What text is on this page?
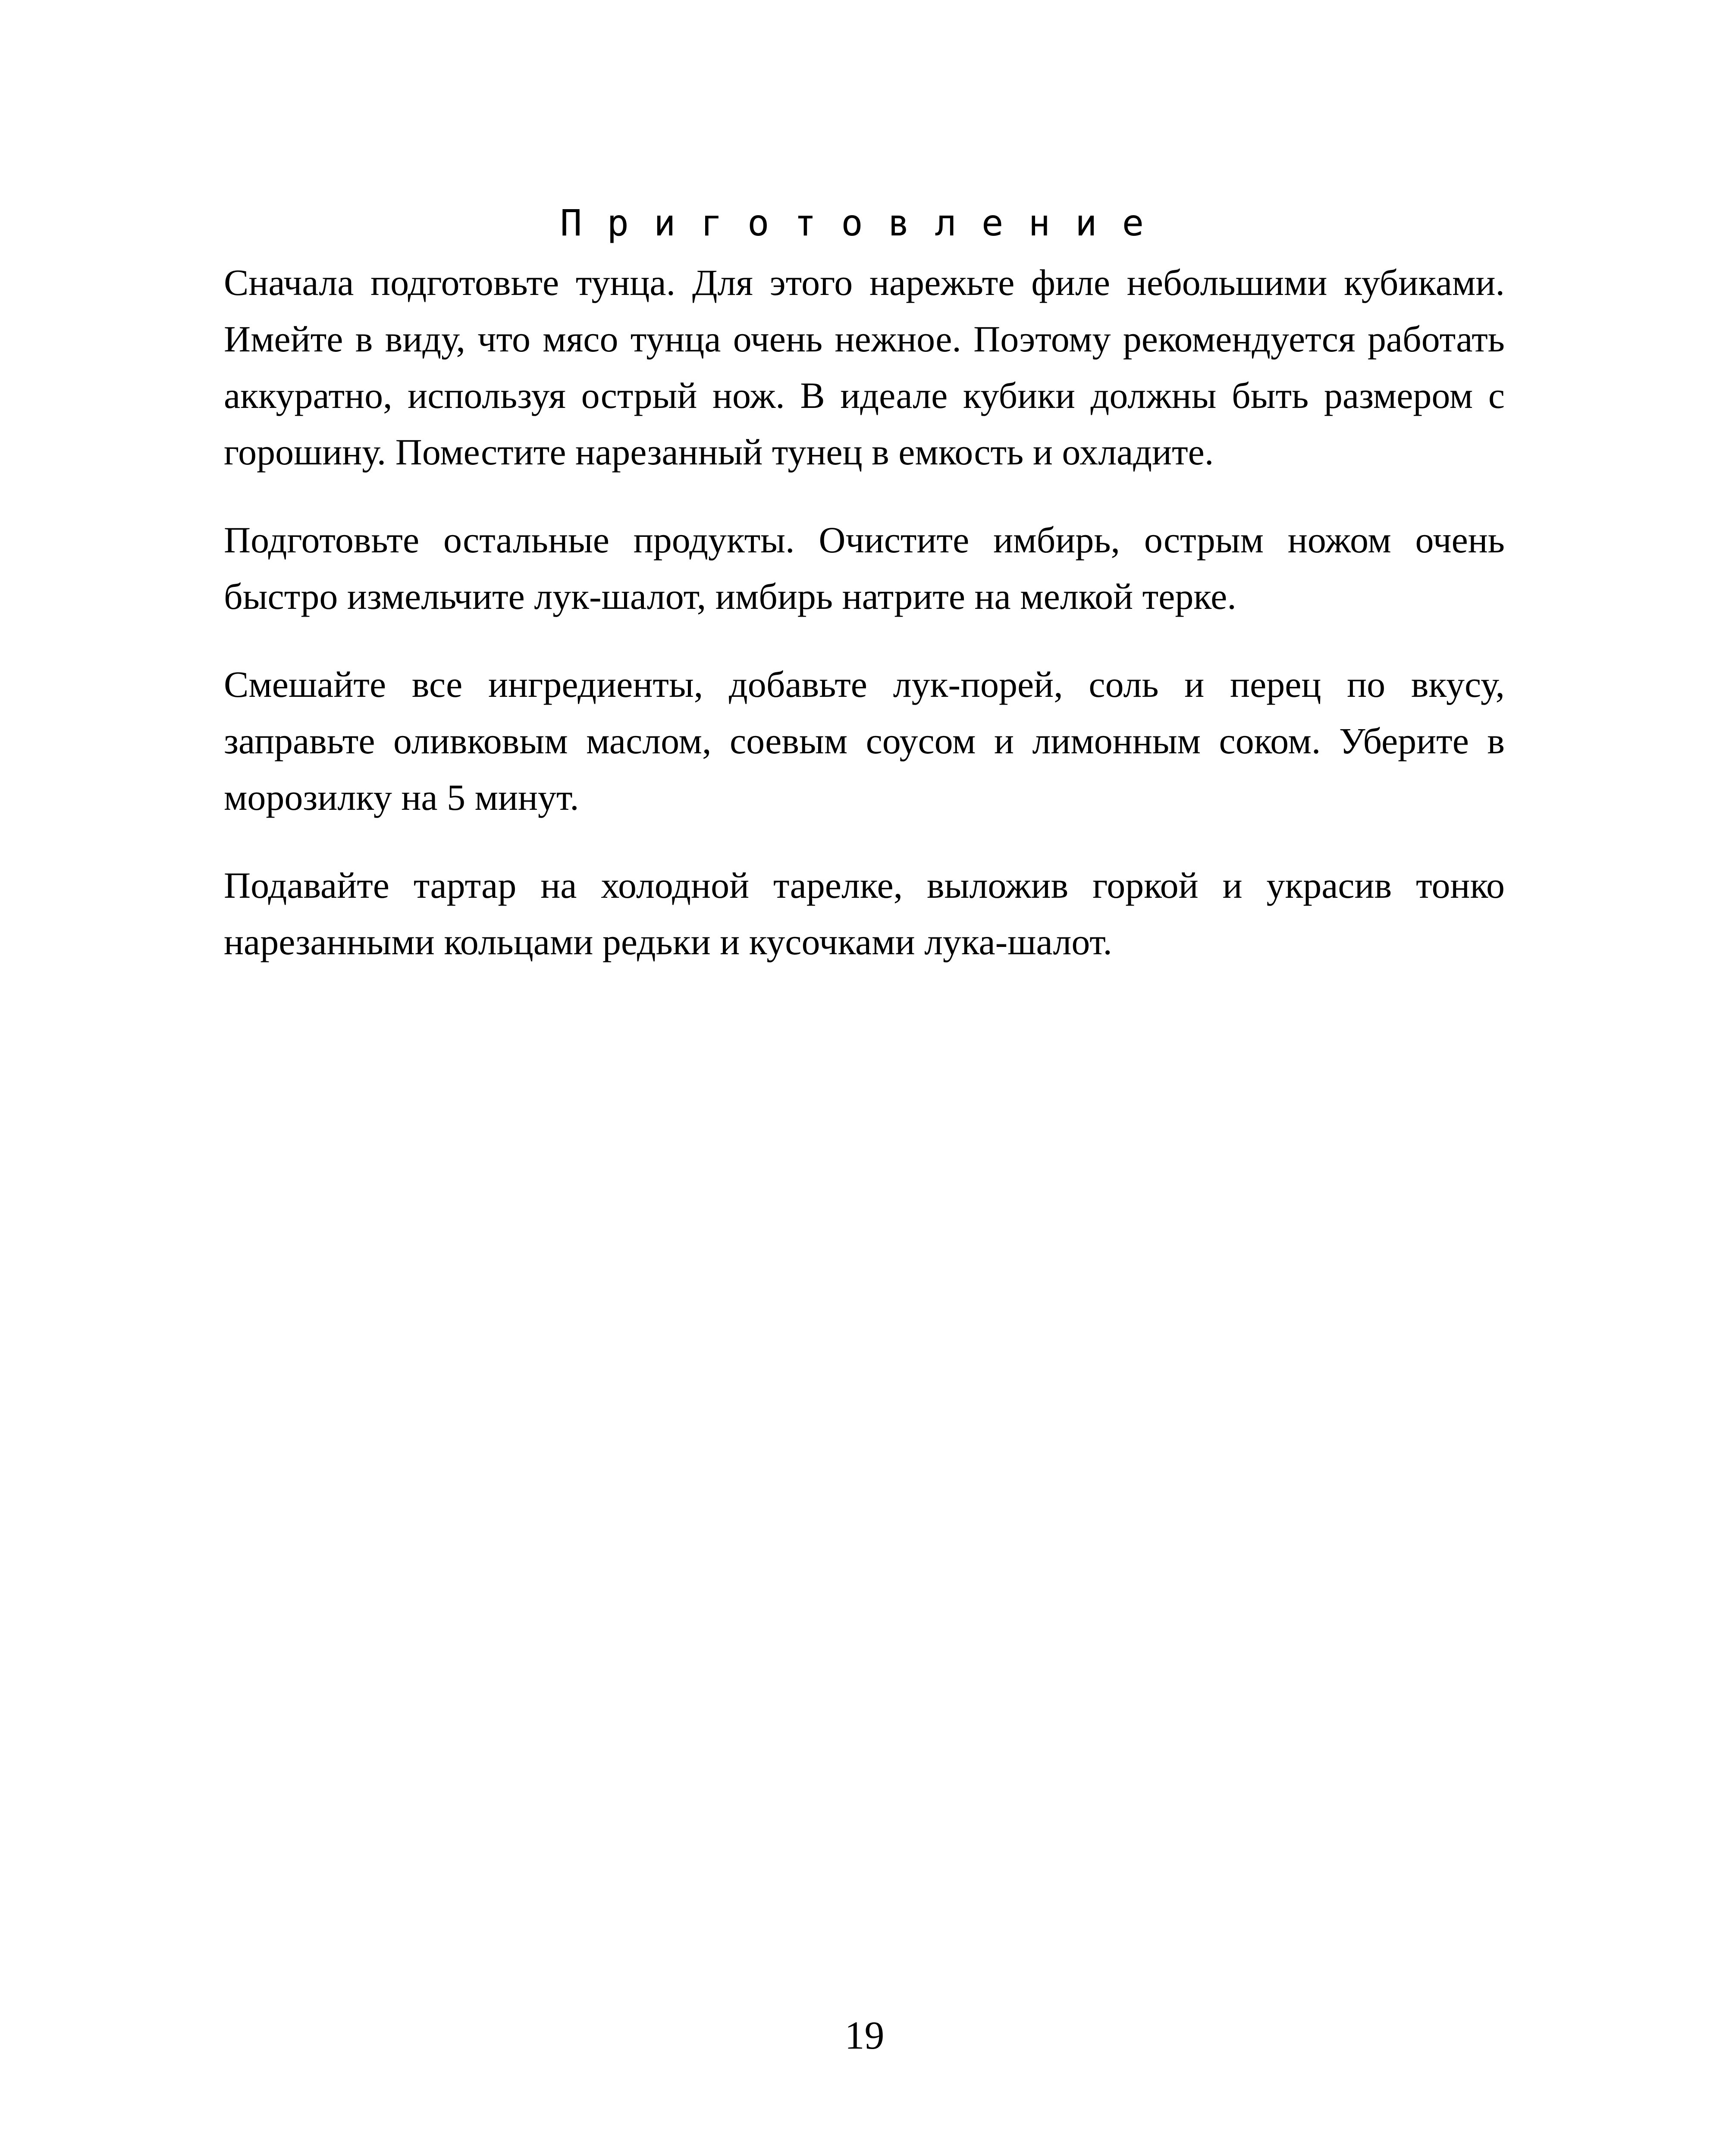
Приготовление

Сначала подготовьте тунца. Для этого нарежьте филе небольшими кубиками. Имейте в виду, что мясо тунца очень нежное. Поэтому рекомендуется работать аккуратно, используя острый нож. В идеале кубики должны быть размером с горошину. Поместите нарезанный тунец в емкость и охладите.

Подготовьте остальные продукты. Очистите имбирь, острым ножом очень быстро измельчите лук-шалот, имбирь натрите на мелкой терке.

Смешайте все ингредиенты, добавьте лук-порей, соль и перец по вкусу, заправьте оливковым маслом, соевым соусом и лимонным соком. Уберите в морозилку на 5 минут.

Подавайте тартар на холодной тарелке, выложив горкой и украсив тонко нарезанными кольцами редьки и кусочками лука-шалот.

19
